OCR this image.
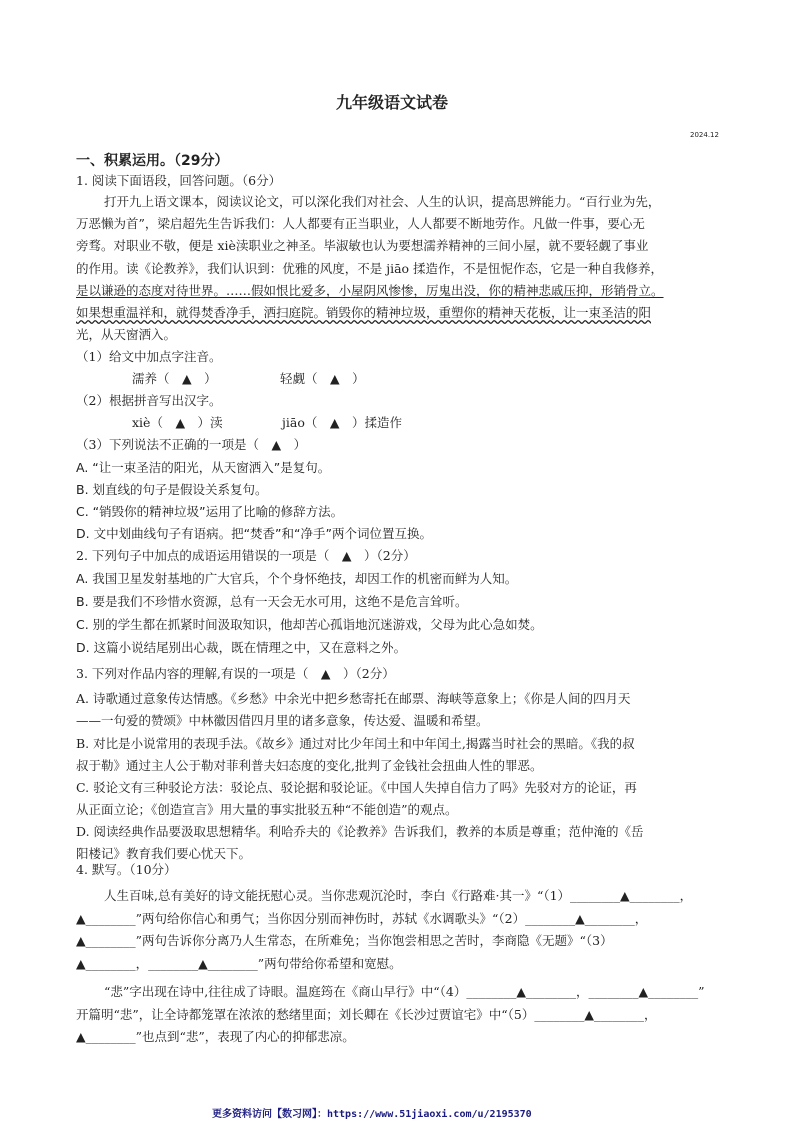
九年级语文试卷
2024.12
一、积累运用。（29分）
1. 阅读下面语段，回答问题。（6分）
打开九上语文课本，阅读议论文，可以深化我们对社会、人生的认识，提高思辨能力。“百行业为先，
万恶懒为首”，梁启超先生告诉我们：人人都要有正当职业，人人都要不断地劳作。凡做一件事，要心无
旁骛。对职业不敬，便是 xiè渎职业之神圣。毕淑敏也认为要想濡养精神的三间小屋，就不要轻觑了事业
的作用。读《论教养》，我们认识到：优雅的风度，不是 jiāo 揉造作，不是忸怩作态，它是一种自我修养，
是以谦逊的态度对待世界。……假如恨比爱多，小屋阴风惨惨，厉鬼出没，你的精神悲戚压抑，形销骨立。
如果想重温祥和，就得焚香净手，洒扫庭院。销毁你的精神垃圾，重塑你的精神天花板，让一束圣洁的阳
光，从天窗洒入。
（1）给文中加点字注音。
濡养（　▲　）	轻觑（　▲　）
（2）根据拼音写出汉字。
xiè（　▲　）渎	jiāo（　▲　）揉造作
（3）下列说法不正确的一项是（　▲　）
A. “让一束圣洁的阳光，从天窗洒入”是复句。
B. 划直线的句子是假设关系复句。
C. “销毁你的精神垃圾”运用了比喻的修辞方法。
D. 文中划曲线句子有语病。把“焚香”和“净手”两个词位置互换。
2. 下列句子中加点的成语运用错误的一项是（　▲　）（2分）
A. 我国卫星发射基地的广大官兵，个个身怀绝技，却因工作的机密而鲜为人知。
B. 要是我们不珍惜水资源，总有一天会无水可用，这绝不是危言耸听。
C. 别的学生都在抓紧时间汲取知识，他却苦心孤诣地沉迷游戏，父母为此心急如焚。
D. 这篇小说结尾别出心裁，既在情理之中，又在意料之外。
3. 下列对作品内容的理解,有误的一项是（　▲　）（2分）
A. 诗歌通过意象传达情感。《乡愁》中余光中把乡愁寄托在邮票、海峡等意象上；《你是人间的四月天
——一句爱的赞颂》中林徽因借四月里的诸多意象，传达爱、温暖和希望。
B. 对比是小说常用的表现手法。《故乡》通过对比少年闰土和中年闰土,揭露当时社会的黑暗。《我的叔
叔于勒》通过主人公于勒对菲利普夫妇态度的变化,批判了金钱社会扭曲人性的罪恶。
C. 驳论文有三种驳论方法：驳论点、驳论据和驳论证。《中国人失掉自信力了吗》先驳对方的论证，再
从正面立论；《创造宣言》用大量的事实批驳五种“不能创造”的观点。
D. 阅读经典作品要汲取思想精华。利哈乔夫的《论教养》告诉我们，教养的本质是尊重；范仲淹的《岳
阳楼记》教育我们要心忧天下。
4. 默写。（10分）
人生百味,总有美好的诗文能抚慰心灵。当你悲观沉沦时，李白《行路难·其一》“（1）________▲________，
▲________”两句给你信心和勇气；当你因分别而神伤时，苏轼《水调歌头》“（2）________▲________，
▲________”两句告诉你分离乃人生常态，在所难免；当你饱尝相思之苦时，李商隐《无题》“（3）
▲________，________▲________”两句带给你希望和宽慰。
“悲”字出现在诗中,往往成了诗眼。温庭筠在《商山早行》中“（4）________▲________，________▲________”
开篇明“悲”，让全诗都笼罩在浓浓的愁绪里面；刘长卿在《长沙过贾谊宅》中“（5）________▲________，
▲________”也点到“悲”，表现了内心的抑郁悲凉。
更多资料访问【数习网】：https://www.51jiaoxi.com/u/2195370
